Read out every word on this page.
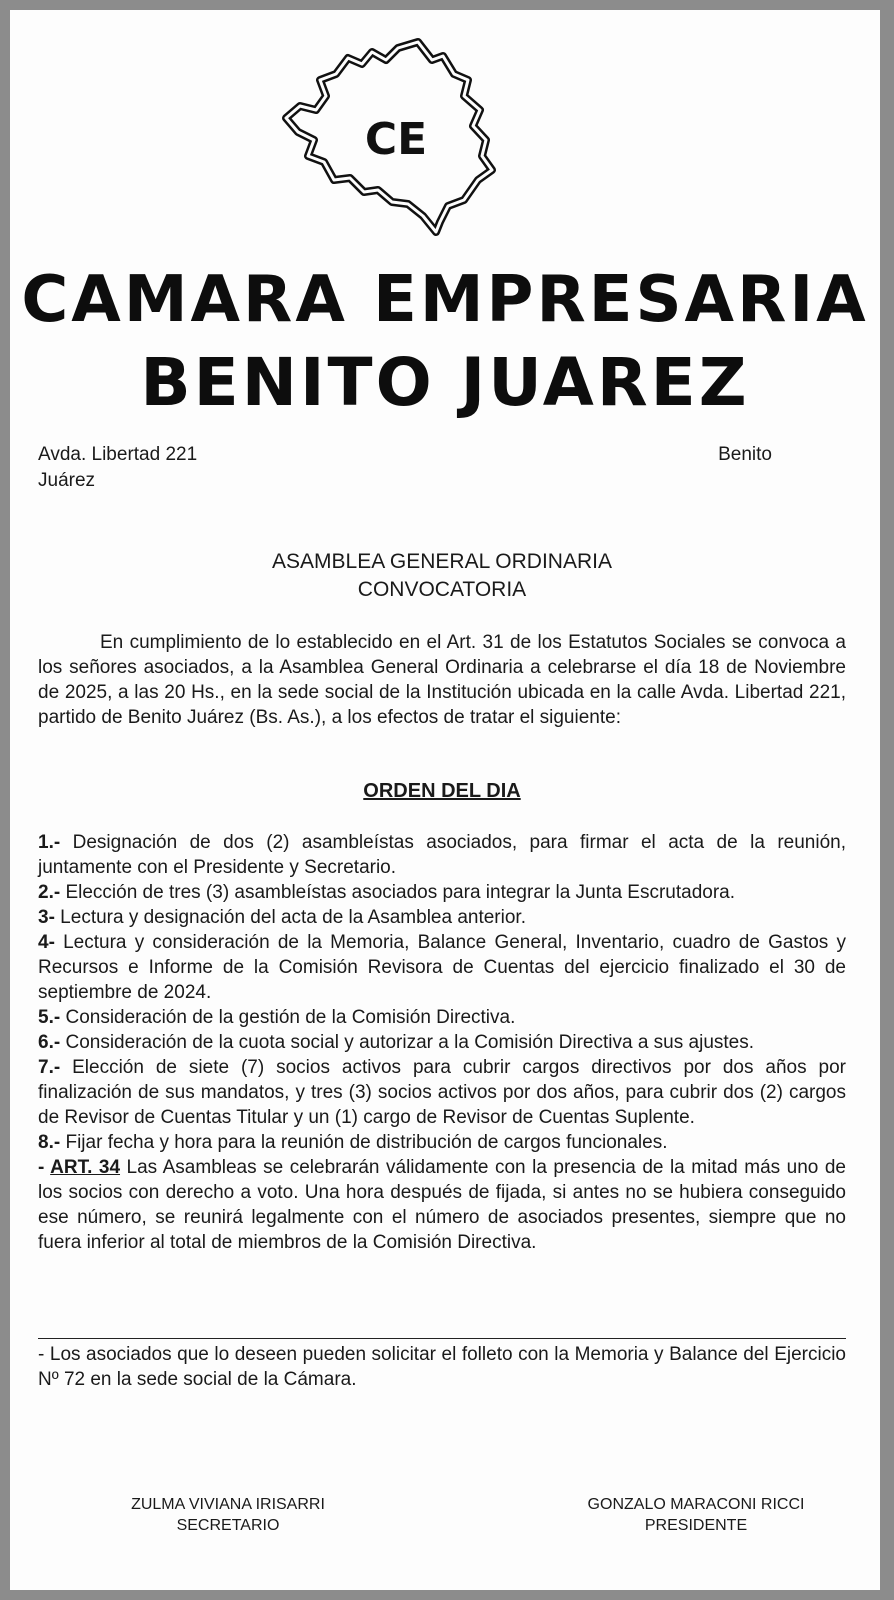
CE
CAMARA EMPRESARIA
BENITO JUAREZ
Avda. Libertad 221
Juárez
Benito
ASAMBLEA GENERAL ORDINARIA
CONVOCATORIA

En cumplimiento de lo establecido en el Art. 31 de los Estatutos Sociales se convoca a los señores asociados, a la Asamblea General Ordinaria a celebrarse el día 18 de Noviembre de 2025, a las 20 Hs., en la sede social de la Institución ubicada en la calle Avda. Libertad 221, partido de Benito Juárez (Bs. As.), a los efectos de tratar el siguiente:

ORDEN DEL DIA
1.- Designación de dos (2) asambleístas asociados, para firmar el acta de la reunión, juntamente con el Presidente y Secretario.
2.- Elección de tres (3) asambleístas asociados para integrar la Junta Escrutadora.
3- Lectura y designación del acta de la Asamblea anterior.
4- Lectura y consideración de la Memoria, Balance General, Inventario, cuadro de Gastos y Recursos e Informe de la Comisión Revisora de Cuentas del ejercicio finalizado el 30 de septiembre de 2024.
5.- Consideración de la gestión de la Comisión Directiva.
6.- Consideración de la cuota social y autorizar a la Comisión Directiva a sus ajustes.
7.- Elección de siete (7) socios activos para cubrir cargos directivos por dos años por finalización de sus mandatos, y tres (3) socios activos por dos años, para cubrir dos (2) cargos de Revisor de Cuentas Titular y un (1) cargo de Revisor de Cuentas Suplente.
8.- Fijar fecha y hora para la reunión de distribución de cargos funcionales.
- ART. 34 Las Asambleas se celebrarán válidamente con la presencia de la mitad más uno de los socios con derecho a voto. Una hora después de fijada, si antes no se hubiera conseguido ese número, se reunirá legalmente con el número de asociados presentes, siempre que no fuera inferior al total de miembros de la Comisión Directiva.

- Los asociados que lo deseen pueden solicitar el folleto con la Memoria y Balance del Ejercicio Nº 72 en la sede social de la Cámara.

ZULMA VIVIANA IRISARRI
SECRETARIO
GONZALO MARACONI RICCI
PRESIDENTE
